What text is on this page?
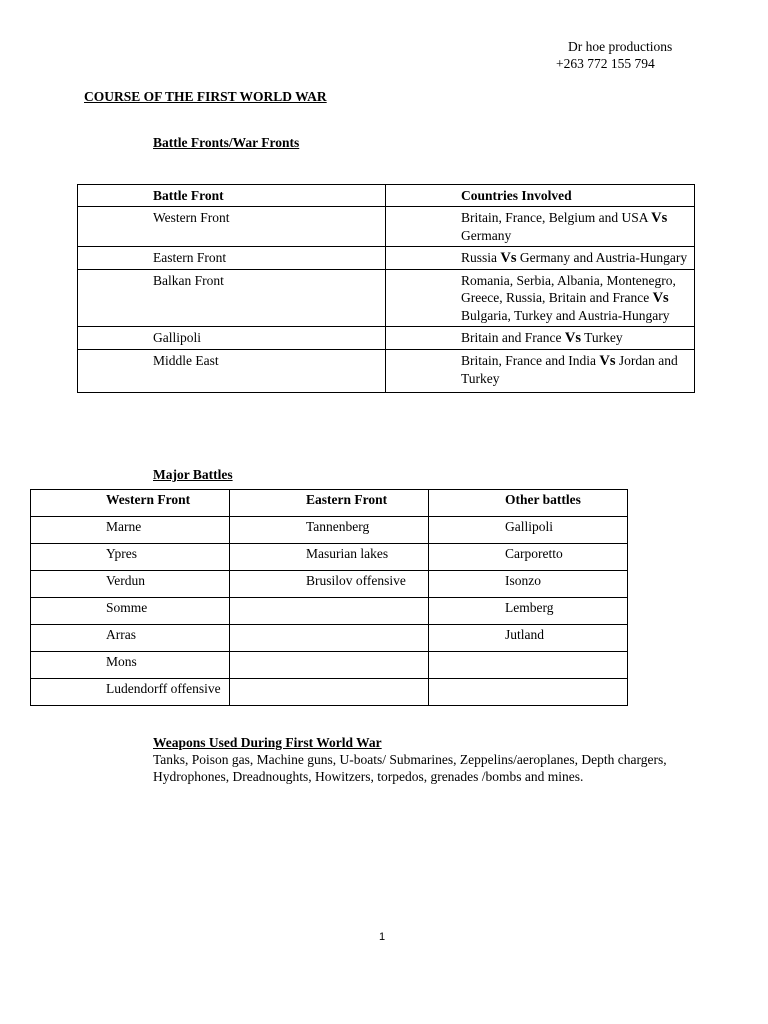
Dr hoe productions
+263 772 155 794
COURSE OF THE FIRST WORLD WAR
Battle Fronts/War Fronts
Battle Front	Countries Involved
Western Front	Britain, France, Belgium and USA Vs Germany
Eastern Front	Russia Vs Germany and Austria-Hungary
Balkan Front	Romania, Serbia, Albania, Montenegro, Greece, Russia, Britain and France Vs Bulgaria, Turkey and Austria-Hungary
Gallipoli	Britain and France Vs Turkey
Middle East	Britain, France and India Vs Jordan and Turkey
Major Battles
Western Front	Eastern Front	Other battles
Marne	Tannenberg	Gallipoli
Ypres	Masurian lakes	Carporetto
Verdun	Brusilov offensive	Isonzo
Somme		Lemberg
Arras		Jutland
Mons		
Ludendorff offensive		
Weapons Used During First World War
Tanks, Poison gas, Machine guns, U-boats/ Submarines, Zeppelins/aeroplanes, Depth chargers, Hydrophones, Dreadnoughts, Howitzers, torpedos, grenades /bombs and mines.
1
